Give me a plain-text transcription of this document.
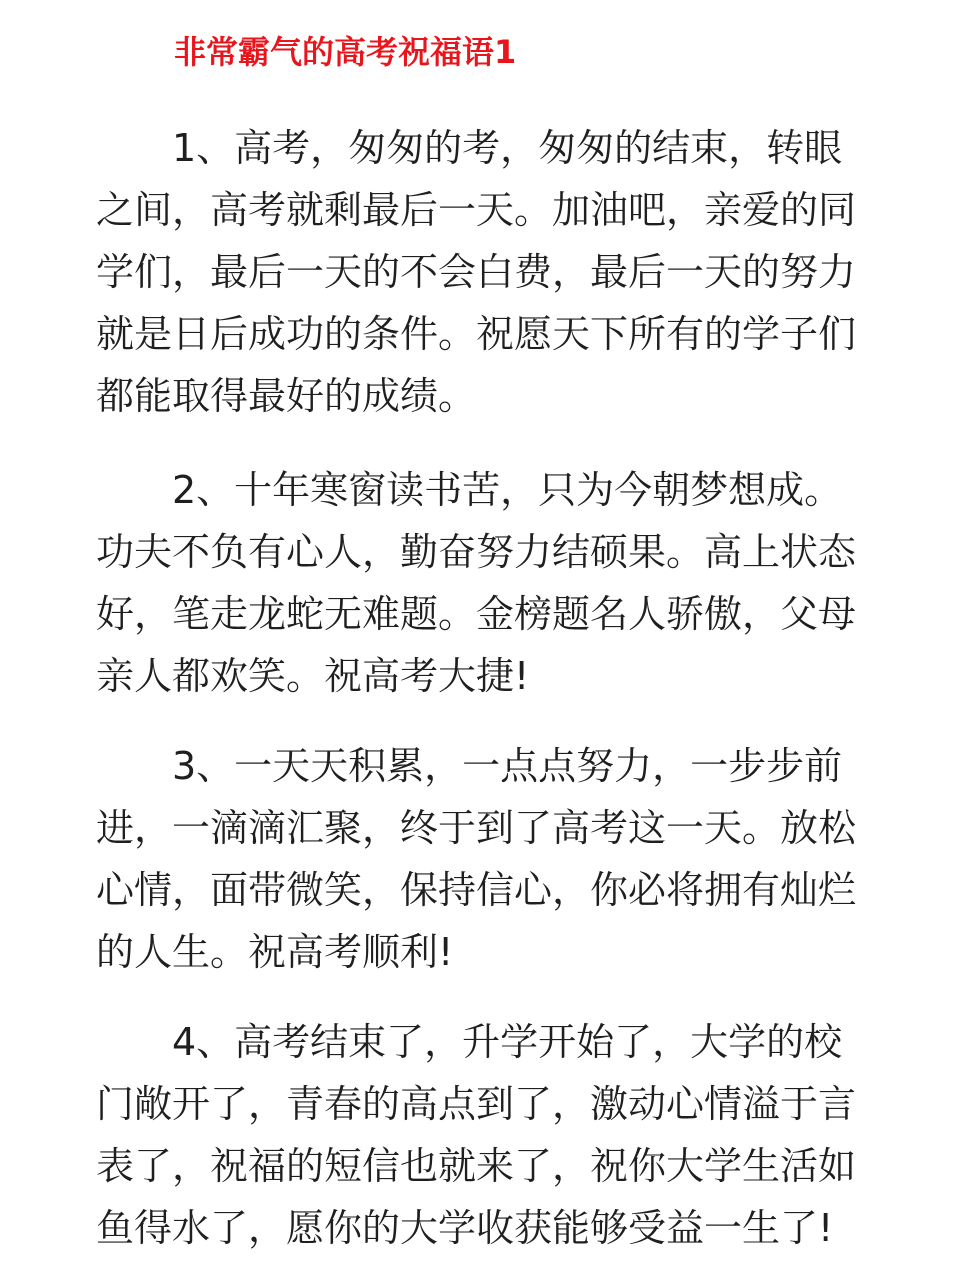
非常霸气的高考祝福语1

1、高考，匆匆的考，匆匆的结束，转眼之间，高考就剩最后一天。加油吧，亲爱的同学们，最后一天的不会白费，最后一天的努力就是日后成功的条件。祝愿天下所有的学子们都能取得最好的成绩。

2、十年寒窗读书苦，只为今朝梦想成。功夫不负有心人，勤奋努力结硕果。高上状态好，笔走龙蛇无难题。金榜题名人骄傲，父母亲人都欢笑。祝高考大捷!

3、一天天积累，一点点努力，一步步前进，一滴滴汇聚，终于到了高考这一天。放松心情，面带微笑，保持信心，你必将拥有灿烂的人生。祝高考顺利!

4、高考结束了，升学开始了，大学的校门敞开了，青春的高点到了，激动心情溢于言表了，祝福的短信也就来了，祝你大学生活如鱼得水了，愿你的大学收获能够受益一生了!
